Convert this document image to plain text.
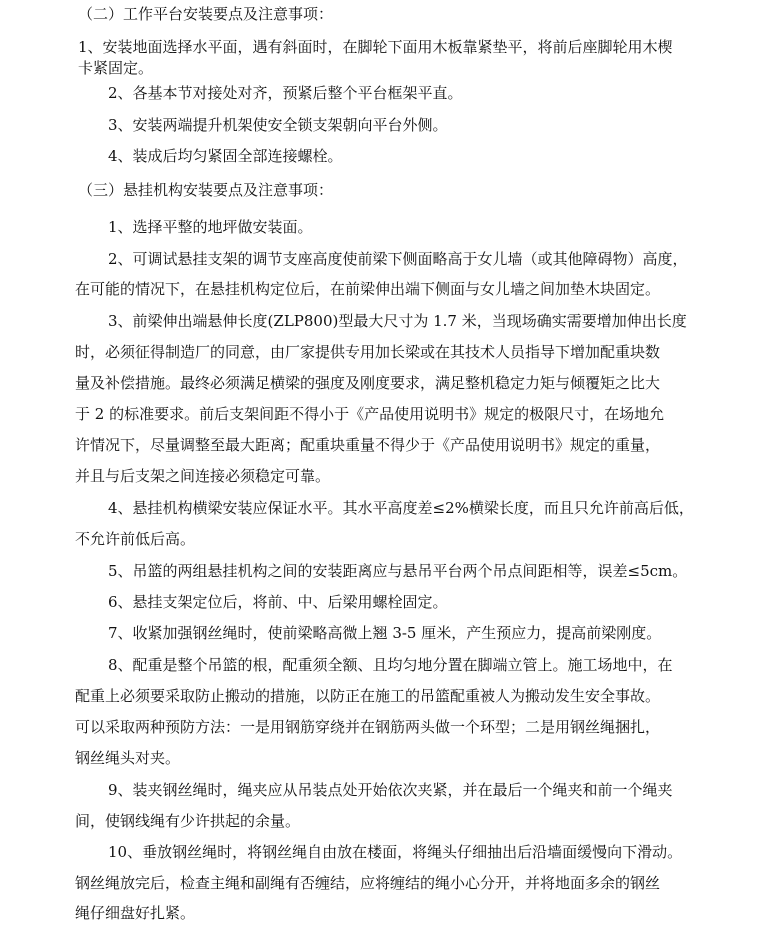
（二）工作平台安装要点及注意事项：
1、安装地面选择水平面，遇有斜面时，在脚轮下面用木板靠紧垫平，将前后座脚轮用木楔
卡紧固定。
2、各基本节对接处对齐，预紧后整个平台框架平直。
3、安装两端提升机架使安全锁支架朝向平台外侧。
4、装成后均匀紧固全部连接螺栓。
（三）悬挂机构安装要点及注意事项：
1、选择平整的地坪做安装面。
2、可调试悬挂支架的调节支座高度使前梁下侧面略高于女儿墙（或其他障碍物）高度，
在可能的情况下，在悬挂机构定位后，在前梁伸出端下侧面与女儿墙之间加垫木块固定。
3、前梁伸出端悬伸长度(ZLP800)型最大尺寸为 1.7 米，当现场确实需要增加伸出长度
时，必须征得制造厂的同意，由厂家提供专用加长梁或在其技术人员指导下增加配重块数
量及补偿措施。最终必须满足横梁的强度及刚度要求，满足整机稳定力矩与倾覆矩之比大
于 2 的标准要求。前后支架间距不得小于《产品使用说明书》规定的极限尺寸，在场地允
许情况下，尽量调整至最大距离；配重块重量不得少于《产品使用说明书》规定的重量，
并且与后支架之间连接必须稳定可靠。
4、悬挂机构横梁安装应保证水平。其水平高度差≤2%横梁长度，而且只允许前高后低，
不允许前低后高。
5、吊篮的两组悬挂机构之间的安装距离应与悬吊平台两个吊点间距相等，误差≤5cm。
6、悬挂支架定位后，将前、中、后梁用螺栓固定。
7、收紧加强钢丝绳时，使前梁略高微上翘 3-5 厘米，产生预应力，提高前梁刚度。
8、配重是整个吊篮的根，配重须全额、且均匀地分置在脚端立管上。施工场地中，在
配重上必须要采取防止搬动的措施，以防正在施工的吊篮配重被人为搬动发生安全事故。
可以采取两种预防方法：一是用钢筋穿绕并在钢筋两头做一个环型；二是用钢丝绳捆扎，
钢丝绳头对夹。
9、装夹钢丝绳时，绳夹应从吊装点处开始依次夹紧，并在最后一个绳夹和前一个绳夹
间，使钢线绳有少许拱起的余量。
10、垂放钢丝绳时，将钢丝绳自由放在楼面，将绳头仔细抽出后沿墙面缓慢向下滑动。
钢丝绳放完后，检查主绳和副绳有否缠结，应将缠结的绳小心分开，并将地面多余的钢丝
绳仔细盘好扎紧。
